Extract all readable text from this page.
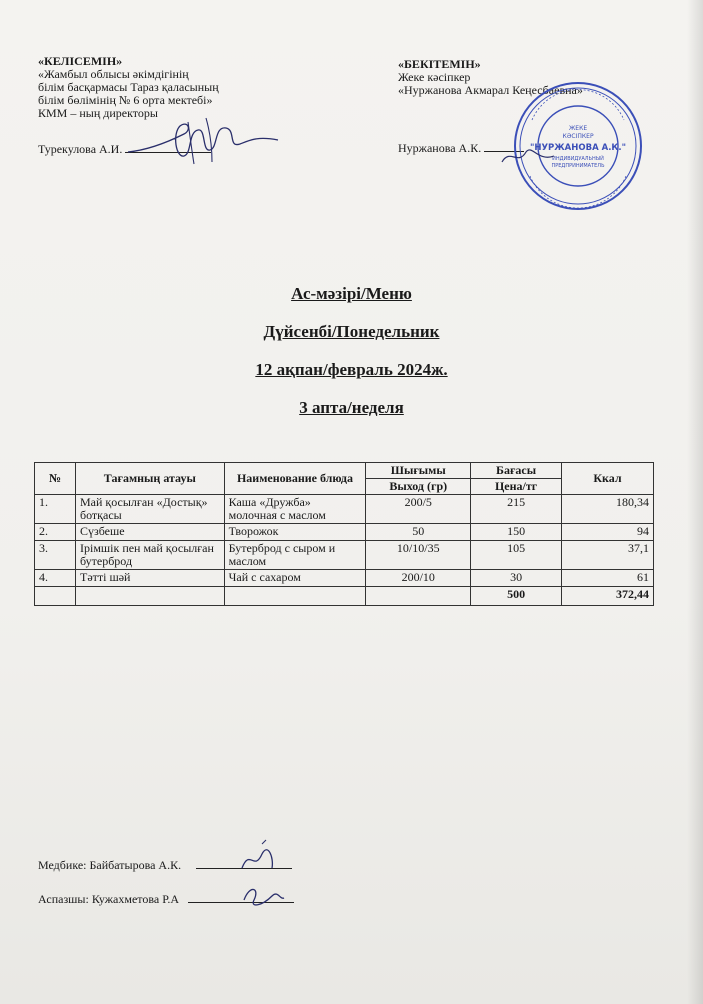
«КЕЛІСЕМІН»
«Жамбыл облысы әкімдігінің
білім басқармасы Тараз қаласының
білім бөлімінің № 6 орта мектебі»
КММ – ның директоры
Турекулова А.И.
«БЕКІТЕМІН»
Жеке кәсіпкер
«Нуржанова Акмарал Кеңесбаевна»
Нуржанова А.К.
ЖЕКЕ
КӘСІПКЕР
"НУРЖАНОВА А.К."
ИНДИВИДУАЛЬНЫЙ
ПРЕДПРИНИМАТЕЛЬ
Ас-мәзірі/Меню
Дүйсенбі/Понедельник
12 ақпан/февраль 2024ж.
3 апта/неделя
№	Тағамның атауы	Наименование блюда	Шығымы	Бағасы	Ккал
			Выход (гр)	Цена/тг	
1.	Май қосылған «Достық» ботқасы	Каша «Дружба» молочная с маслом	200/5	215	180,34
2.	Сүзбеше	Творожок	50	150	94
3.	Ірімшік пен май қосылған бутерброд	Бутерброд с сыром и маслом	10/10/35	105	37,1
4.	Тәтті шәй	Чай с сахаром	200/10	30	61
				500	372,44
Медбике: Байбатырова А.К.
Аспазшы: Кужахметова Р.А
